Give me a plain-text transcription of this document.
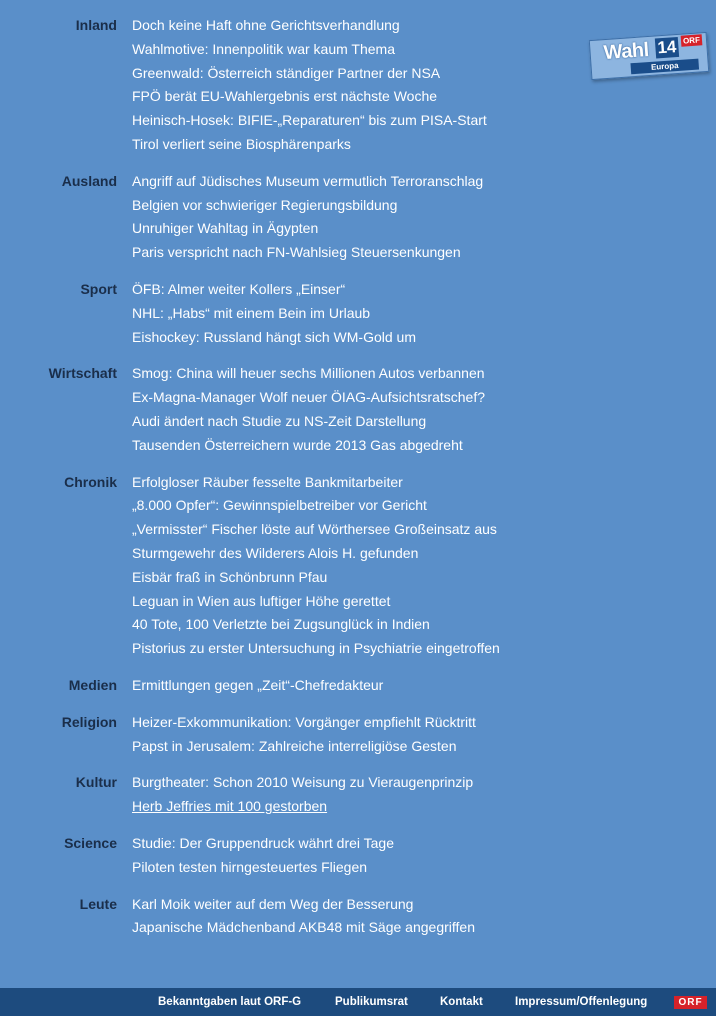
Inland	Doch keine Haft ohne Gerichtsverhandlung
Wahlmotive: Innenpolitik war kaum Thema
Greenwald: Österreich ständiger Partner der NSA
FPÖ berät EU-Wahlergebnis erst nächste Woche
Heinisch-Hosek: BIFIE-„Reparaturen“ bis zum PISA-Start
Tirol verliert seine Biosphärenparks
Ausland	Angriff auf Jüdisches Museum vermutlich Terroranschlag
Belgien vor schwieriger Regierungsbildung
Unruhiger Wahltag in Ägypten
Paris verspricht nach FN-Wahlsieg Steuersenkungen
Sport	ÖFB: Almer weiter Kollers „Einser“
NHL: „Habs“ mit einem Bein im Urlaub
Eishockey: Russland hängt sich WM-Gold um
Wirtschaft	Smog: China will heuer sechs Millionen Autos verbannen
Ex-Magna-Manager Wolf neuer ÖIAG-Aufsichtsratschef?
Audi ändert nach Studie zu NS-Zeit Darstellung
Tausenden Österreichern wurde 2013 Gas abgedreht
Chronik	Erfolgloser Räuber fesselte Bankmitarbeiter
„8.000 Opfer“: Gewinnspielbetreiber vor Gericht
„Vermisster“ Fischer löste auf Wörthersee Großeinsatz aus
Sturmgewehr des Wilderers Alois H. gefunden
Eisbär fraß in Schönbrunn Pfau
Leguan in Wien aus luftiger Höhe gerettet
40 Tote, 100 Verletzte bei Zugsunglück in Indien
Pistorius zu erster Untersuchung in Psychiatrie eingetroffen
Medien	Ermittlungen gegen „Zeit“-Chefredakteur
Religion	Heizer-Exkommunikation: Vorgänger empfiehlt Rücktritt
Papst in Jerusalem: Zahlreiche interreligiöse Gesten
Kultur	Burgtheater: Schon 2010 Weisung zu Vieraugenprinzip
Herb Jeffries mit 100 gestorben
Science	Studie: Der Gruppendruck währt drei Tage
Piloten testen hirngesteuertes Fliegen
Leute	Karl Moik weiter auf dem Weg der Besserung
Japanische Mädchenband AKB48 mit Säge angegriffen
Wahl 14 ORF
Europa
Bekanntgaben laut ORF-G	Publikumsrat	Kontakt	Impressum/Offenlegung	ORF
